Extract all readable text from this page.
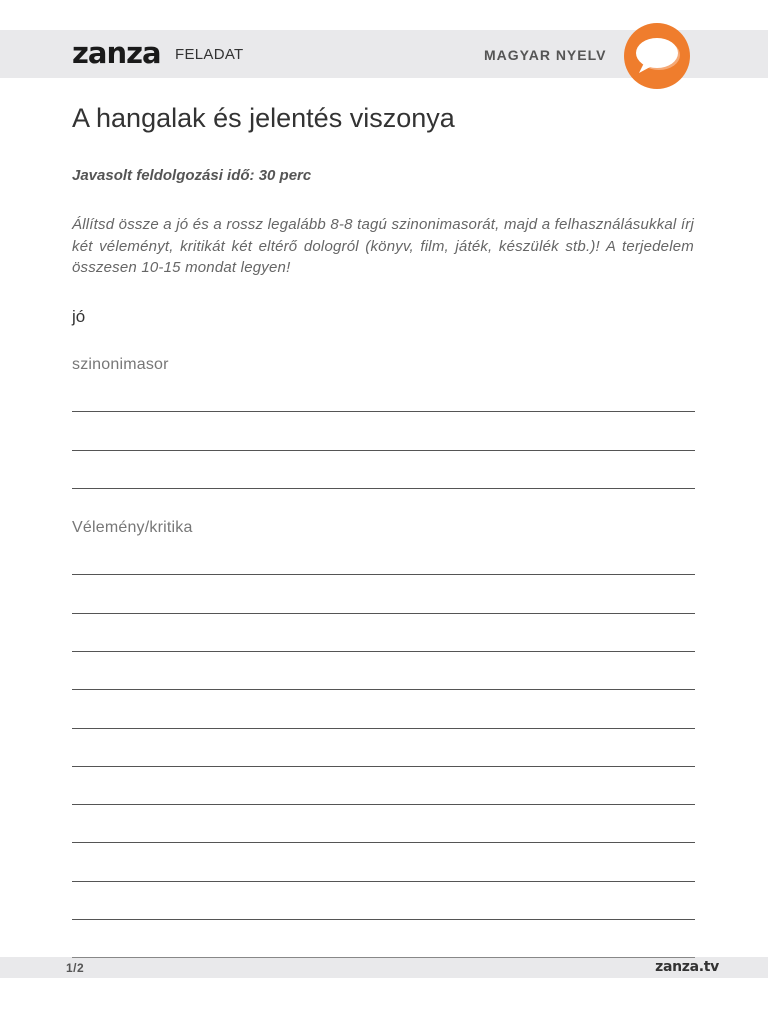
zanza FELADAT	MAGYAR NYELV
A hangalak és jelentés viszonya
Javasolt feldolgozási idő: 30 perc
Állítsd össze a jó és a rossz legalább 8-8 tagú szinonimasorát, majd a felhasználásukkal írj két véleményt, kritikát két eltérő dologról (könyv, film, játék, készülék stb.)! A terjedelem összesen 10-15 mondat legyen!
jó
szinonimasor
Vélemény/kritika
1/2	zanza.tv
